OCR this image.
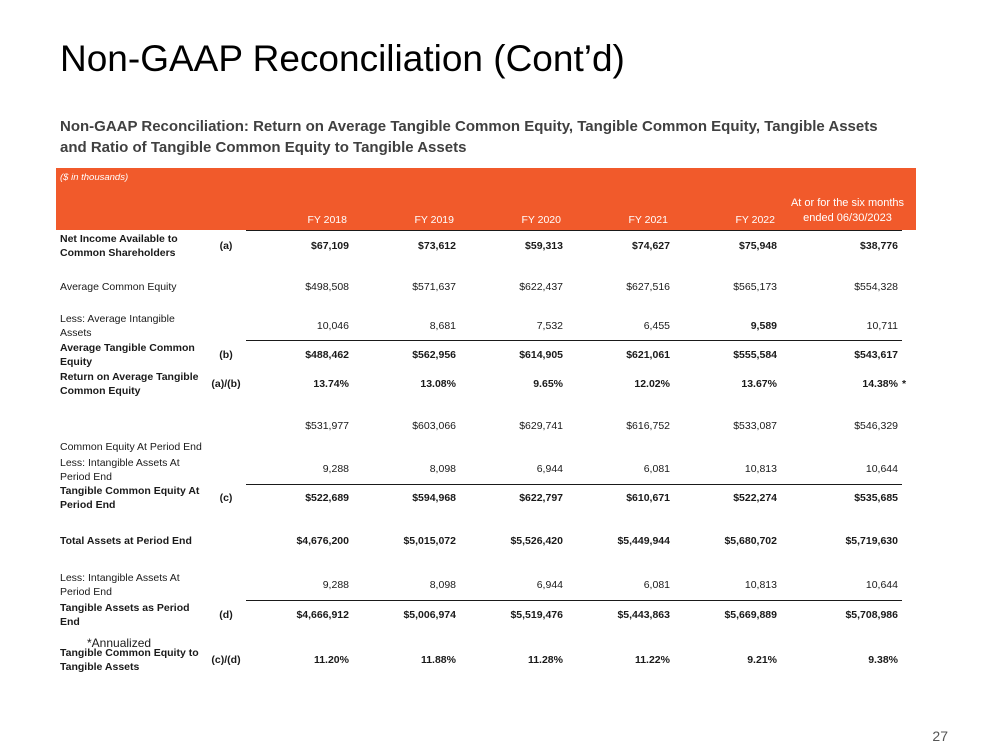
Non-GAAP Reconciliation (Cont’d)
Non-GAAP Reconciliation: Return on Average Tangible Common Equity, Tangible Common Equity, Tangible Assets and Ratio of Tangible Common Equity to Tangible Assets
($ in thousands)		FY 2018	FY 2019	FY 2020	FY 2021	FY 2022	At or for the six months ended 06/30/2023	
Net Income Available to Common Shareholders	(a)	$67,109	$73,612	$59,313	$74,627	$75,948	$38,776	
Average Common Equity		$498,508	$571,637	$622,437	$627,516	$565,173	$554,328	
Less: Average Intangible Assets		10,046	8,681	7,532	6,455	9,589	10,711	
Average Tangible Common Equity	(b)	$488,462	$562,956	$614,905	$621,061	$555,584	$543,617	
Return on Average Tangible Common Equity	(a)/(b)	13.74%	13.08%	9.65%	12.02%	13.67%	14.38%	*
Common Equity At Period End		$531,977	$603,066	$629,741	$616,752	$533,087	$546,329	
Less: Intangible Assets At Period End		9,288	8,098	6,944	6,081	10,813	10,644	
Tangible Common Equity At Period End	(c)	$522,689	$594,968	$622,797	$610,671	$522,274	$535,685	
Total Assets at Period End		$4,676,200	$5,015,072	$5,526,420	$5,449,944	$5,680,702	$5,719,630	
Less: Intangible Assets At Period End		9,288	8,098	6,944	6,081	10,813	10,644	
Tangible Assets as Period End	(d)	$4,666,912	$5,006,974	$5,519,476	$5,443,863	$5,669,889	$5,708,986	
Tangible Common Equity to Tangible Assets	(c)/(d)	11.20%	11.88%	11.28%	11.22%	9.21%	9.38%	
*Annualized
27
